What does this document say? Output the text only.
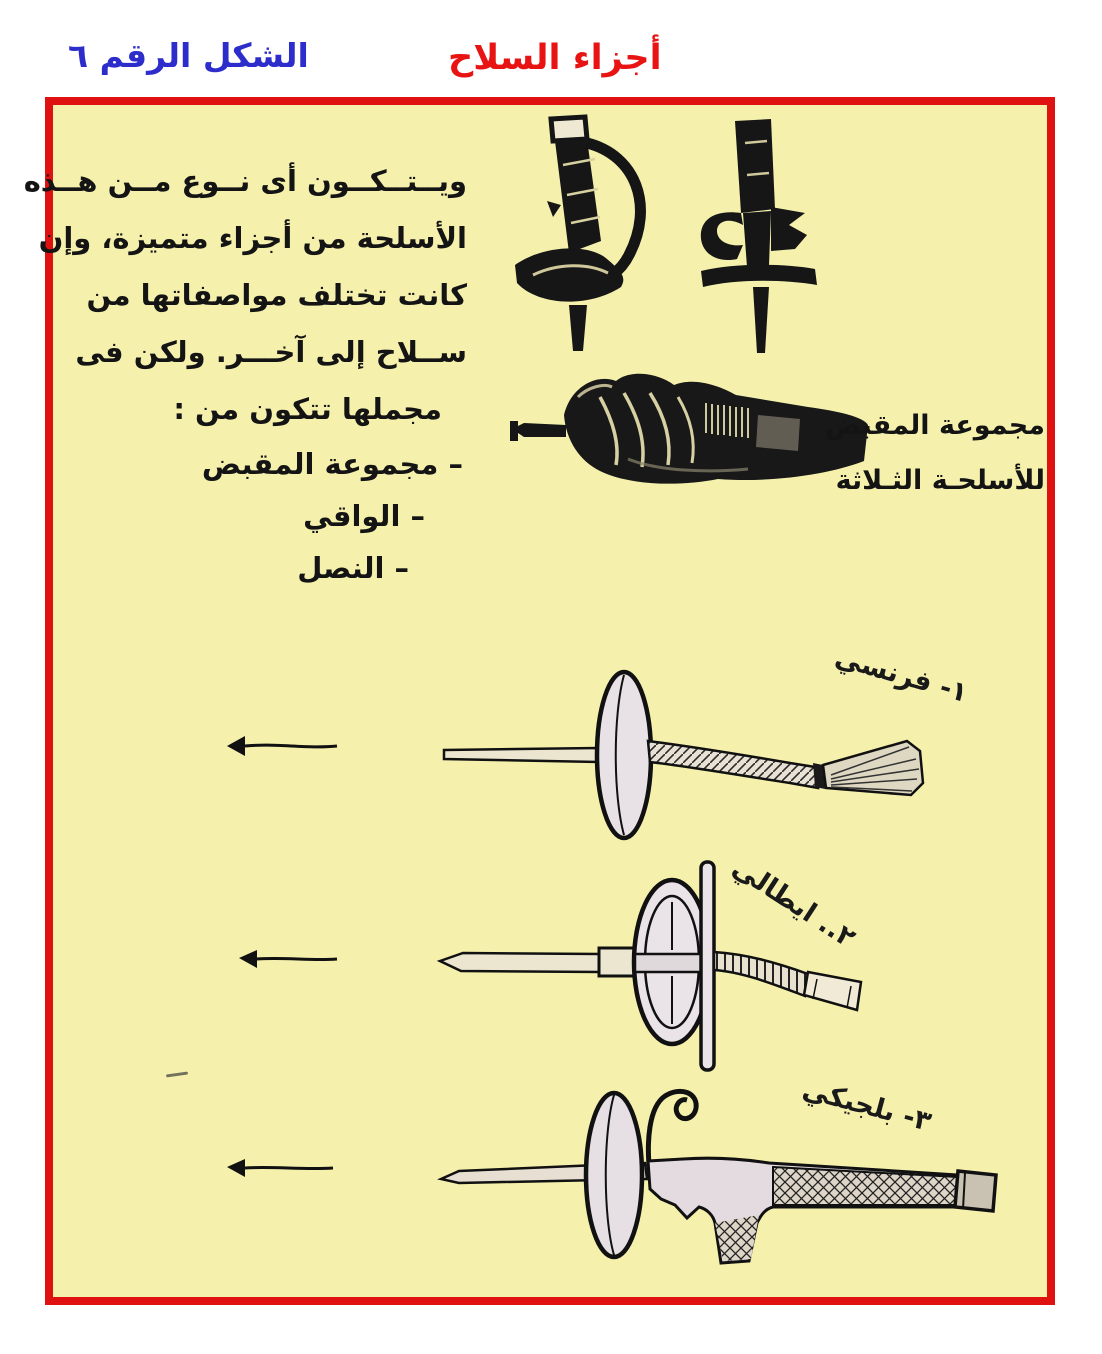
الشكل الرقم ٦	أجزاء السلاح
ويــتــكــون أى نــوع مــن هــذه
الأسلحة من أجزاء متميزة، وإن
كانت تختلف مواصفاتها من
ســلاح إلى آخـــر. ولكن فى
مجملها تتكون من :
– مجموعة المقبض
– الواقي
– النصل
مجموعة المقبض
للأسلحـة الثـلاثة
١- فرنسي
٢.. ايطالي
٣- بلجيكي
